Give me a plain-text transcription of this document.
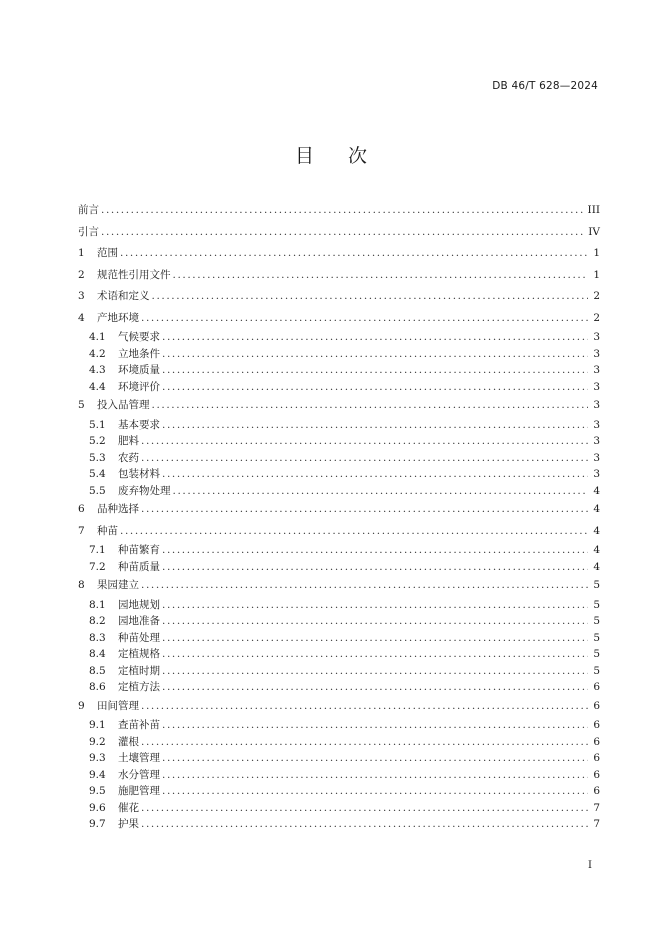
DB 46/T 628—2024
目次
前言 .....	III
引言 .....	IV
1	范围 .....	1
2	规范性引用文件 .....	1
3	术语和定义 .....	2
4	产地环境 .....	2
4.1	气候要求 .....	3
4.2	立地条件 .....	3
4.3	环境质量 .....	3
4.4	环境评价 .....	3
5	投入品管理 .....	3
5.1	基本要求 .....	3
5.2	肥料 .....	3
5.3	农药 .....	3
5.4	包装材料 .....	3
5.5	废弃物处理 .....	4
6	品种选择 .....	4
7	种苗 .....	4
7.1	种苗繁育 .....	4
7.2	种苗质量 .....	4
8	果园建立 .....	5
8.1	园地规划 .....	5
8.2	园地准备 .....	5
8.3	种苗处理 .....	5
8.4	定植规格 .....	5
8.5	定植时期 .....	5
8.6	定植方法 .....	6
9	田间管理 .....	6
9.1	查苗补苗 .....	6
9.2	灌根 .....	6
9.3	土壤管理 .....	6
9.4	水分管理 .....	6
9.5	施肥管理 .....	6
9.6	催花 .....	7
9.7	护果 .....	7
I
